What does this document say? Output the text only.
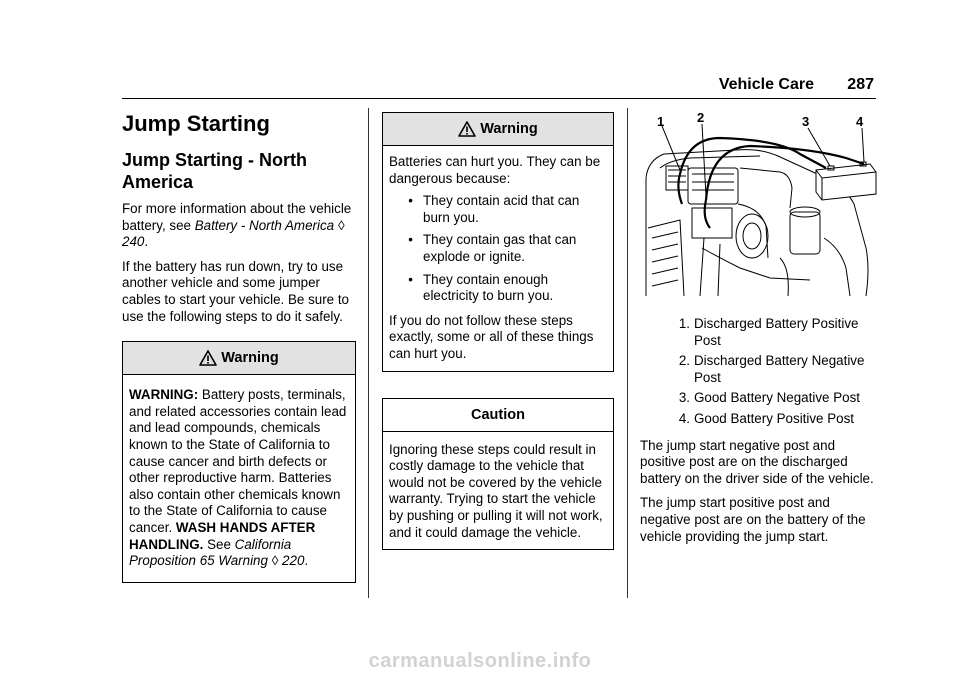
Vehicle Care 287
Jump Starting
Jump Starting - North America

For more information about the vehicle battery, see Battery - North America ◊ 240.

If the battery has run down, try to use another vehicle and some jumper cables to start your vehicle. Be sure to use the following steps to do it safely.

Warning
WARNING: Battery posts, terminals, and related accessories contain lead and lead compounds, chemicals known to the State of California to cause cancer and birth defects or other reproductive harm. Batteries also contain other chemicals known to the State of California to cause cancer. WASH HANDS AFTER HANDLING. See California Proposition 65 Warning ◊ 220.
Warning
Batteries can hurt you. They can be dangerous because:
• They contain acid that can burn you.
• They contain gas that can explode or ignite.
• They contain enough electricity to burn you.
If you do not follow these steps exactly, some or all of these things can hurt you.
Caution
Ignoring these steps could result in costly damage to the vehicle that would not be covered by the vehicle warranty. Trying to start the vehicle by pushing or pulling it will not work, and it could damage the vehicle.
1	2	3	4
1. Discharged Battery Positive Post
2. Discharged Battery Negative Post
3. Good Battery Negative Post
4. Good Battery Positive Post

The jump start negative post and positive post are on the discharged battery on the driver side of the vehicle.

The jump start positive post and negative post are on the battery of the vehicle providing the jump start.

carmanualsonline.info
